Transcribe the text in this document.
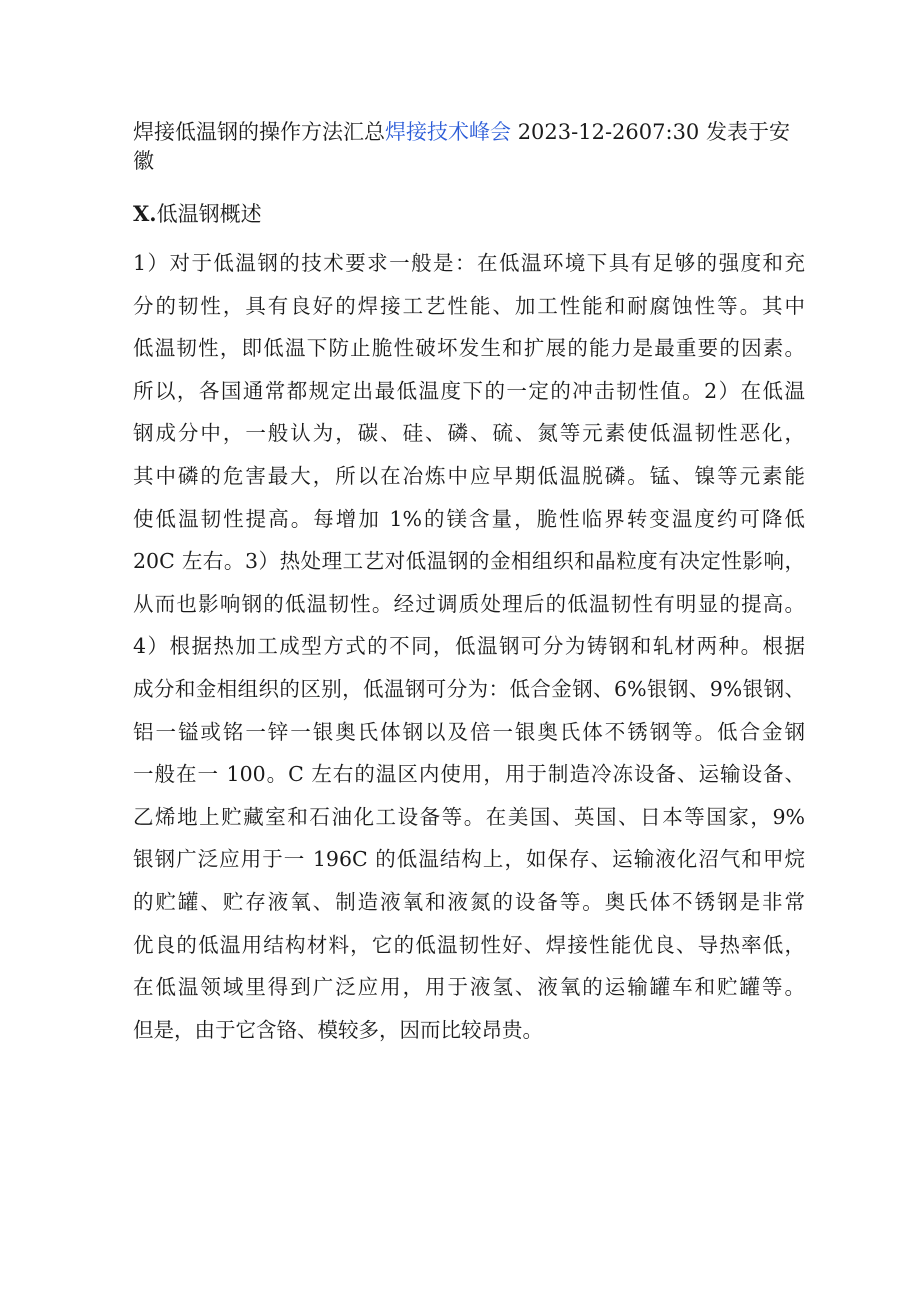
焊接低温钢的操作方法汇总焊接技术峰会 2023-12-2607:30 发表于安
徽

X.低温钢概述

1）对于低温钢的技术要求一般是：在低温环境下具有足够的强度和充
分的韧性，具有良好的焊接工艺性能、加工性能和耐腐蚀性等。其中
低温韧性，即低温下防止脆性破坏发生和扩展的能力是最重要的因素。
所以，各国通常都规定出最低温度下的一定的冲击韧性值。2）在低温
钢成分中，一般认为，碳、硅、磷、硫、氮等元素使低温韧性恶化，
其中磷的危害最大，所以在冶炼中应早期低温脱磷。锰、镍等元素能
使低温韧性提高。每增加 1%的镁含量，脆性临界转变温度约可降低
20C 左右。3）热处理工艺对低温钢的金相组织和晶粒度有决定性影响，
从而也影响钢的低温韧性。经过调质处理后的低温韧性有明显的提高。
4）根据热加工成型方式的不同，低温钢可分为铸钢和轧材两种。根据
成分和金相组织的区别，低温钢可分为：低合金钢、6%银钢、9%银钢、
铝一镒或铭一锌一银奥氏体钢以及倍一银奥氏体不锈钢等。低合金钢
一般在一 100。C 左右的温区内使用，用于制造冷冻设备、运输设备、
乙烯地上贮藏室和石油化工设备等。在美国、英国、日本等国家，9%
银钢广泛应用于一 196C 的低温结构上，如保存、运输液化沼气和甲烷
的贮罐、贮存液氧、制造液氧和液氮的设备等。奥氏体不锈钢是非常
优良的低温用结构材料，它的低温韧性好、焊接性能优良、导热率低，
在低温领域里得到广泛应用，用于液氢、液氧的运输罐车和贮罐等。
但是，由于它含铬、模较多，因而比较昂贵。
